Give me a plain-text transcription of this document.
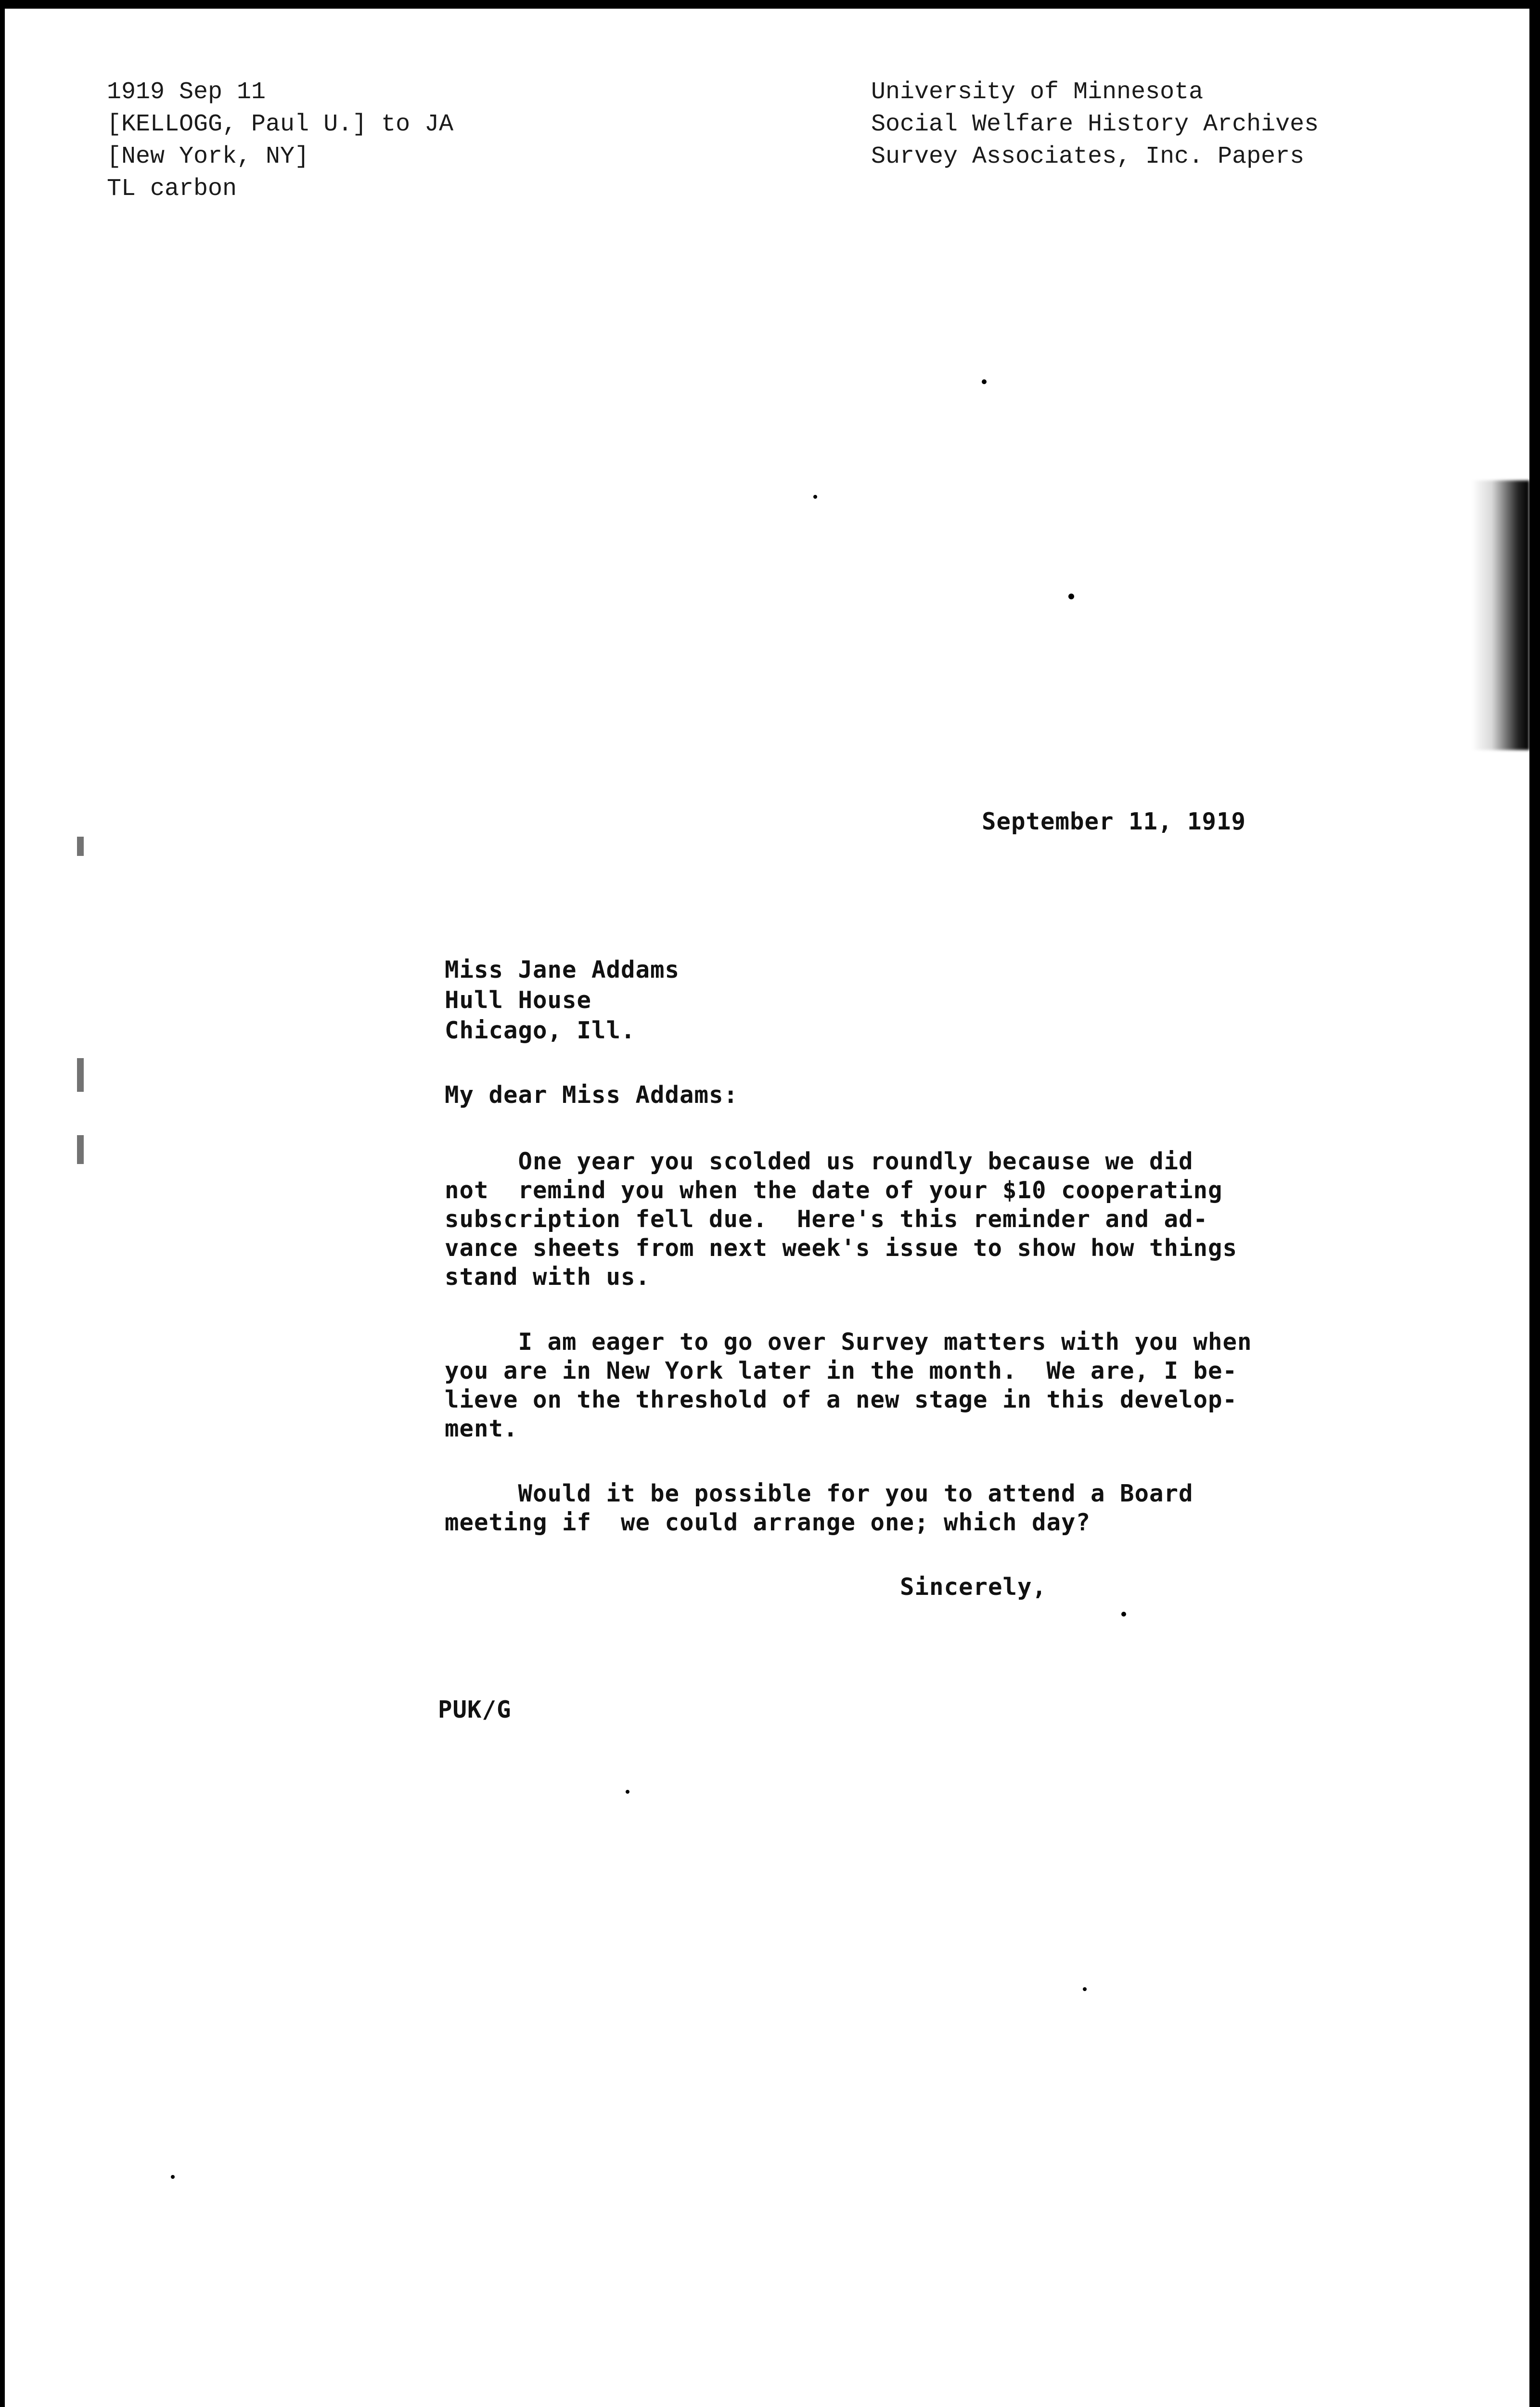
1919 Sep 11
[KELLOGG, Paul U.] to JA
[New York, NY]
TL carbon
University of Minnesota
Social Welfare History Archives
Survey Associates, Inc. Papers
September 11, 1919
Miss Jane Addams
Hull House
Chicago, Ill.
My dear Miss Addams:
One year you scolded us roundly because we did
not  remind you when the date of your $10 cooperating
subscription fell due.  Here's this reminder and ad-
vance sheets from next week's issue to show how things
stand with us.
I am eager to go over Survey matters with you when
you are in New York later in the month.  We are, I be-
lieve on the threshold of a new stage in this develop-
ment.
Would it be possible for you to attend a Board
meeting if  we could arrange one; which day?
Sincerely,
PUK/G
